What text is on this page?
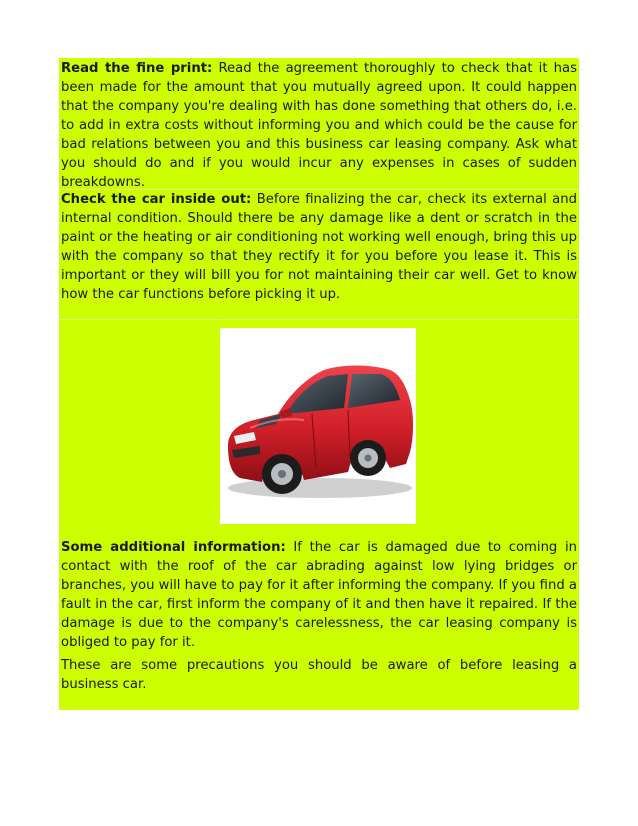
Read the fine print: Read the agreement thoroughly to check that it has been made for the amount that you mutually agreed upon. It could happen that the company you're dealing with has done something that others do, i.e. to add in extra costs without informing you and which could be the cause for bad relations between you and this business car leasing company. Ask what you should do and if you would incur any expenses in cases of sudden breakdowns.

Check the car inside out: Before finalizing the car, check its external and internal condition. Should there be any damage like a dent or scratch in the paint or the heating or air conditioning not working well enough, bring this up with the company so that they rectify it for you before you lease it. This is important or they will bill you for not maintaining their car well. Get to know how the car functions before picking it up.

Some additional information: If the car is damaged due to coming in contact with the roof of the car abrading against low lying bridges or branches, you will have to pay for it after informing the company. If you find a fault in the car, first inform the company of it and then have it repaired. If the damage is due to the company's carelessness, the car leasing company is obliged to pay for it.

These are some precautions you should be aware of before leasing a business car.
